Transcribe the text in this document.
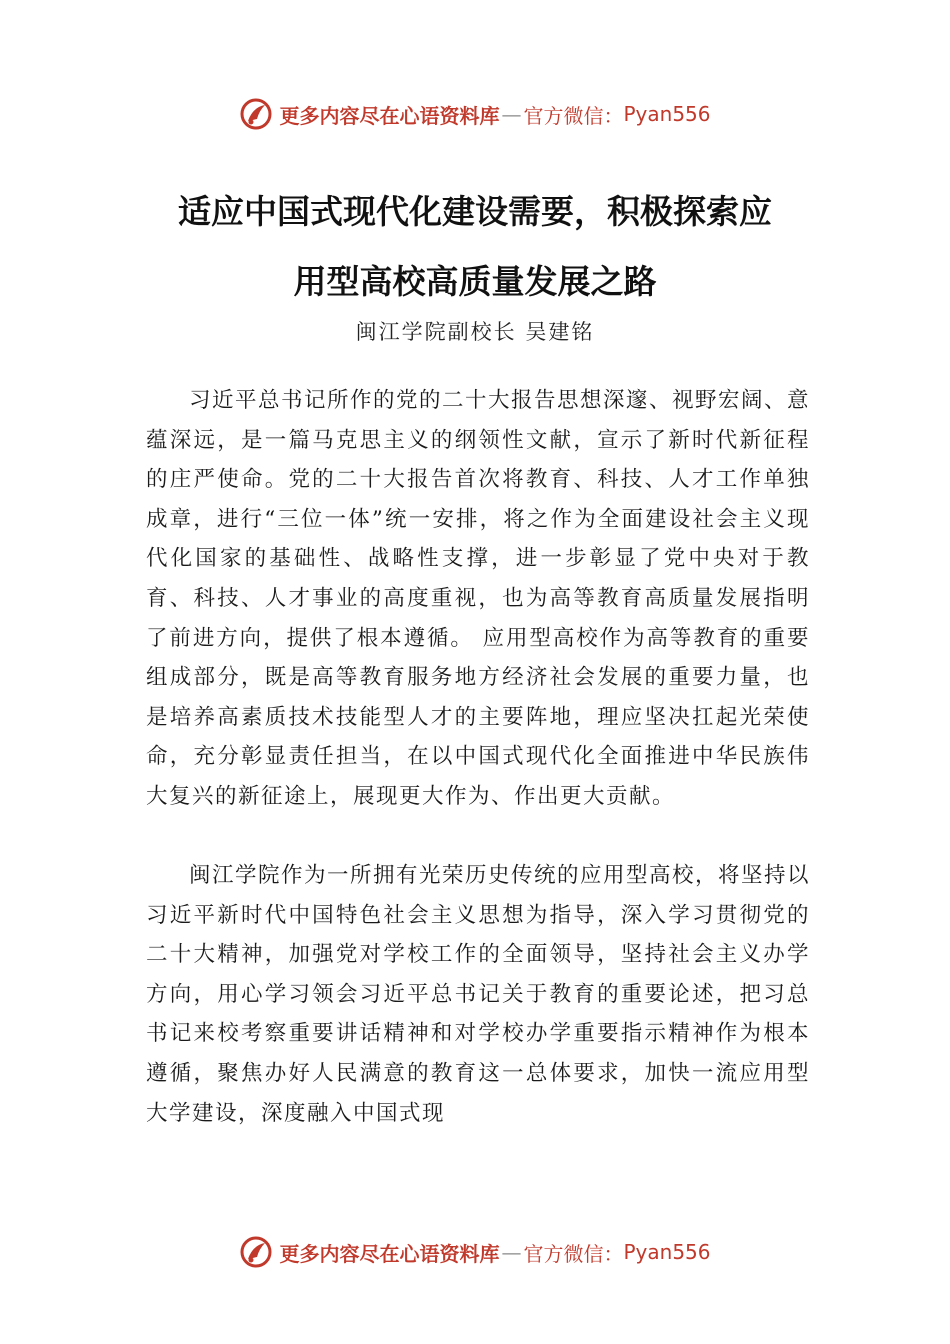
更多内容尽在心语资料库 — 官方微信： Pyan556
适应中国式现代化建设需要，积极探索应
用型高校高质量发展之路
闽江学院副校长 吴建铭

习近平总书记所作的党的二十大报告思想深邃、视野宏阔、意蕴深远，是一篇马克思主义的纲领性文献，宣示了新时代新征程的庄严使命。党的二十大报告首次将教育、科技、人才工作单独成章，进行“三位一体”统一安排，将之作为全面建设社会主义现代化国家的基础性、战略性支撑，进一步彰显了党中央对于教育、科技、人才事业的高度重视，也为高等教育高质量发展指明了前进方向，提供了根本遵循。 应用型高校作为高等教育的重要组成部分，既是高等教育服务地方经济社会发展的重要力量，也是培养高素质技术技能型人才的主要阵地，理应坚决扛起光荣使命，充分彰显责任担当，在以中国式现代化全面推进中华民族伟大复兴的新征途上，展现更大作为、作出更大贡献。

闽江学院作为一所拥有光荣历史传统的应用型高校，将坚持以习近平新时代中国特色社会主义思想为指导，深入学习贯彻党的二十大精神，加强党对学校工作的全面领导，坚持社会主义办学方向，用心学习领会习近平总书记关于教育的重要论述，把习总书记来校考察重要讲话精神和对学校办学重要指示精神作为根本遵循，聚焦办好人民满意的教育这一总体要求，加快一流应用型大学建设，深度融入中国式现

更多内容尽在心语资料库 — 官方微信： Pyan556
